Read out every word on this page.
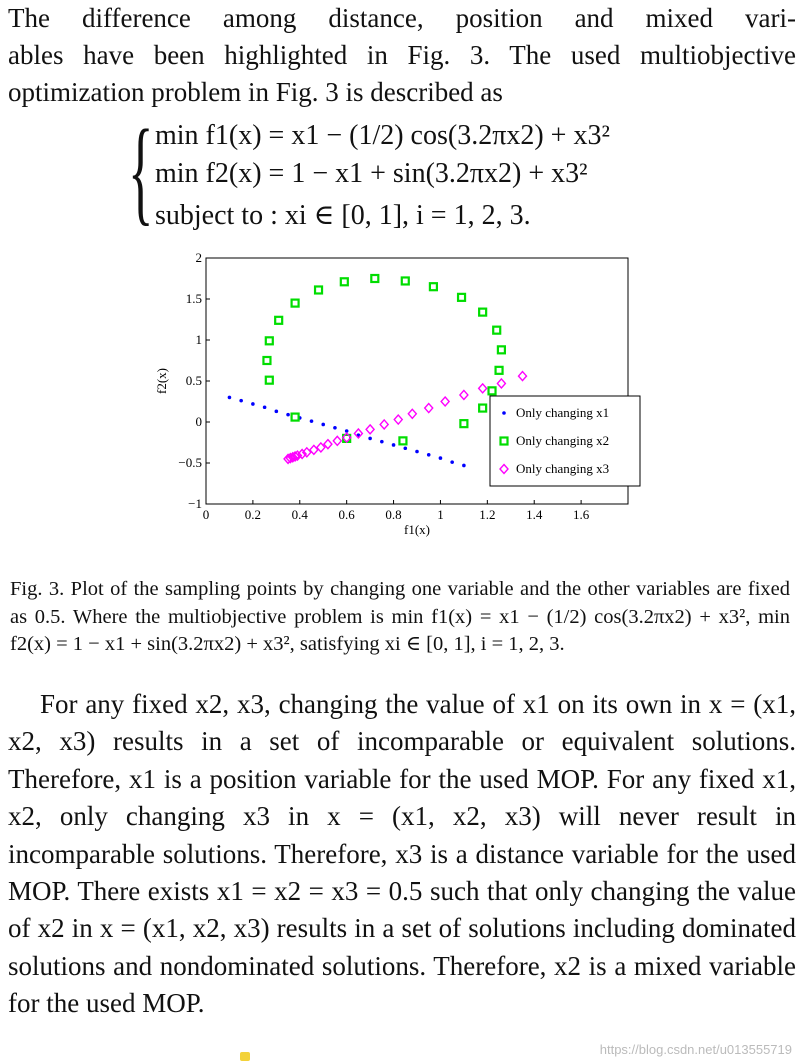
The difference among distance, position and mixed vari-

ables have been highlighted in Fig. 3. The used multiobjective

optimization problem in Fig. 3 is described as

{ min f1(x) = x1 − (1/2) cos(3.2πx2) + x3²
min f2(x) = 1 − x1 + sin(3.2πx2) + x3²
subject to : xi ∈ [0, 1], i = 1, 2, 3.
0	0.2 0.4 0.6 0.8	1	1.2 1.4 1.6
2
1.5
1
0.5
0
−0.5
−1
f1(x)
f2(x)
Only changing x1
Only changing x2
Only changing x3

Fig. 3. Plot of the sampling points by changing one variable and the other variables are fixed as 0.5. Where the multiobjective problem is min f1(x) = x1 − (1/2) cos(3.2πx2) + x3², min f2(x) = 1 − x1 + sin(3.2πx2) + x3², satisfying xi ∈ [0, 1], i = 1, 2, 3.

For any fixed x2, x3, changing the value of x1 on its own in x = (x1, x2, x3) results in a set of incomparable or equivalent solutions. Therefore, x1 is a position variable for the used MOP. For any fixed x1, x2, only changing x3 in x = (x1, x2, x3) will never result in incomparable solutions. Therefore, x3 is a distance variable for the used MOP. There exists x1 = x2 = x3 = 0.5 such that only changing the value of x2 in x = (x1, x2, x3) results in a set of solutions including dominated solutions and nondominated solutions. Therefore, x2 is a mixed variable for the used MOP.

https://blog.csdn.net/u013555719
